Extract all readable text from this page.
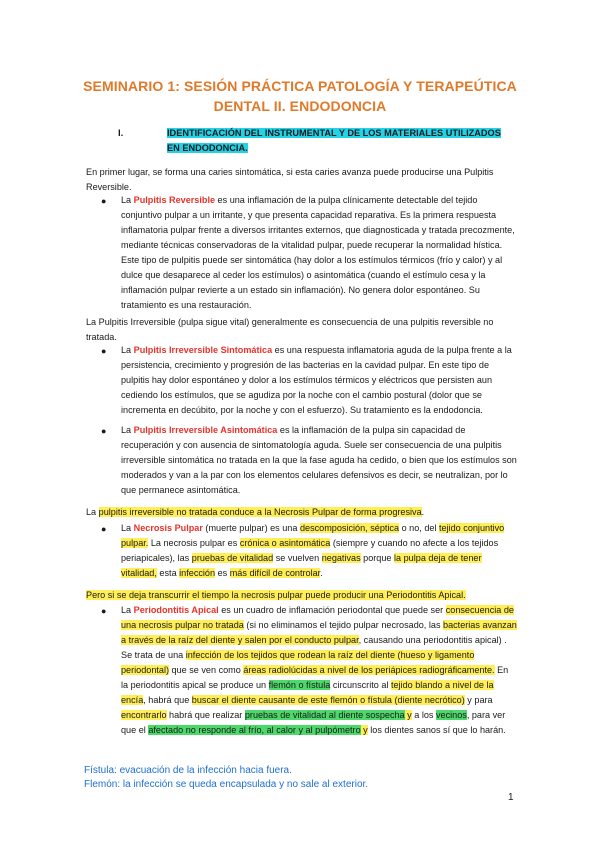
SEMINARIO 1: SESIÓN PRÁCTICA PATOLOGÍA Y TERAPEÚTICA
DENTAL II. ENDODONCIA
I.	IDENTIFICACIÓN DEL INSTRUMENTAL Y DE LOS MATERIALES UTILIZADOS EN ENDODONCIA.
En primer lugar, se forma una caries sintomática, si esta caries avanza puede producirse una Pulpitis Reversible.
● La Pulpitis Reversible es una inflamación de la pulpa clínicamente detectable del tejido conjuntivo pulpar a un irritante, y que presenta capacidad reparativa. Es la primera respuesta inflamatoria pulpar frente a diversos irritantes externos, que diagnosticada y tratada precozmente, mediante técnicas conservadoras de la vitalidad pulpar, puede recuperar la normalidad hística. Este tipo de pulpitis puede ser sintomática (hay dolor a los estímulos térmicos (frío y calor) y al dulce que desaparece al ceder los estímulos) o asintomática (cuando el estímulo cesa y la inflamación pulpar revierte a un estado sin inflamación). No genera dolor espontáneo. Su tratamiento es una restauración.
La Pulpitis Irreversible (pulpa sigue vital) generalmente es consecuencia de una pulpitis reversible no tratada.
● La Pulpitis Irreversible Sintomática es una respuesta inflamatoria aguda de la pulpa frente a la persistencia, crecimiento y progresión de las bacterias en la cavidad pulpar. En este tipo de pulpitis hay dolor espontáneo y dolor a los estímulos térmicos y eléctricos que persisten aun cediendo los estímulos, que se agudiza por la noche con el cambio postural (dolor que se incrementa en decúbito, por la noche y con el esfuerzo). Su tratamiento es la endodoncia.
● La Pulpitis Irreversible Asintomática es la inflamación de la pulpa sin capacidad de recuperación y con ausencia de sintomatología aguda. Suele ser consecuencia de una pulpitis irreversible sintomática no tratada en la que la fase aguda ha cedido, o bien que los estímulos son moderados y van a la par con los elementos celulares defensivos es decir, se neutralizan, por lo que permanece asintomática.
La pulpitis irreversible no tratada conduce a la Necrosis Pulpar de forma progresiva.
● La Necrosis Pulpar (muerte pulpar) es una descomposición, séptica o no, del tejido conjuntivo pulpar. La necrosis pulpar es crónica o asintomática (siempre y cuando no afecte a los tejidos periapicales), las pruebas de vitalidad se vuelven negativas porque la pulpa deja de tener vitalidad, esta infección es más difícil de controlar.
Pero si se deja transcurrir el tiempo la necrosis pulpar puede producir una Periodontitis Apical.
● La Periodontitis Apical es un cuadro de inflamación periodontal que puede ser consecuencia de una necrosis pulpar no tratada (si no eliminamos el tejido pulpar necrosado, las bacterias avanzan a través de la raíz del diente y salen por el conducto pulpar, causando una periodontitis apical) . Se trata de una infección de los tejidos que rodean la raíz del diente (hueso y ligamento periodontal) que se ven como áreas radiolúcidas a nivel de los periápices radiográficamente. En la periodontitis apical se produce un flemón o fístula circunscrito al tejido blando a nivel de la encía, habrá que buscar el diente causante de este flemón o fístula (diente necrótico) y para encontrarlo habrá que realizar pruebas de vitalidad al diente sospecha y a los vecinos, para ver que el afectado no responde al frío, al calor y al pulpómetro y los dientes sanos sí que lo harán.
Fístula: evacuación de la infección hacia fuera.
Flemón: la infección se queda encapsulada y no sale al exterior.
1
